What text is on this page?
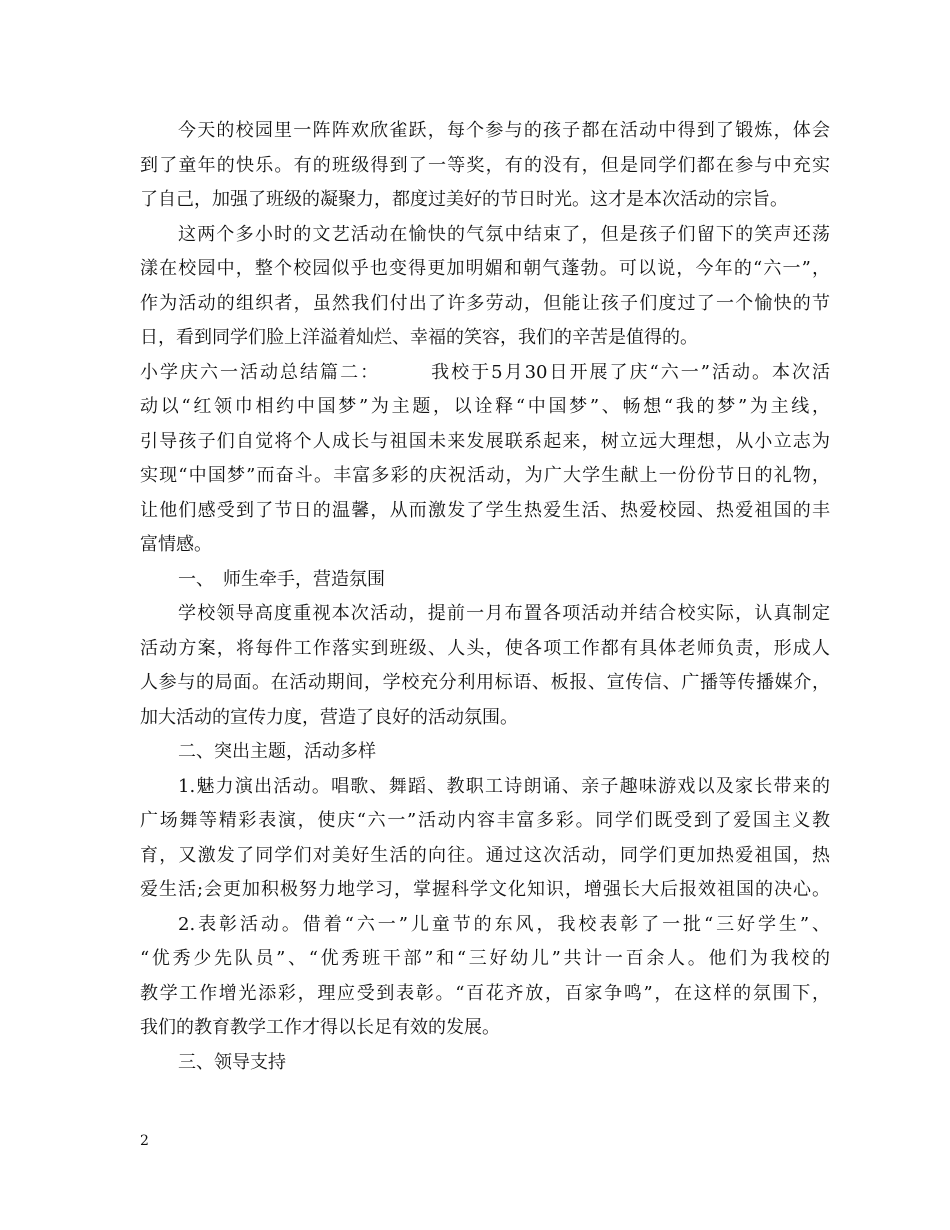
今天的校园里一阵阵欢欣雀跃，每个参与的孩子都在活动中得到了锻炼，体会
到了童年的快乐。有的班级得到了一等奖，有的没有，但是同学们都在参与中充实
了自己，加强了班级的凝聚力，都度过美好的节日时光。这才是本次活动的宗旨。
这两个多小时的文艺活动在愉快的气氛中结束了，但是孩子们留下的笑声还荡
漾在校园中，整个校园似乎也变得更加明媚和朝气蓬勃。可以说，今年的“六一”，
作为活动的组织者，虽然我们付出了许多劳动，但能让孩子们度过了一个愉快的节
日，看到同学们脸上洋溢着灿烂、幸福的笑容，我们的辛苦是值得的。
小学庆六一活动总结篇二：　　　我校于5月30日开展了庆“六一”活动。本次活
动以“红领巾相约中国梦”为主题，以诠释“中国梦”、畅想“我的梦”为主线，
引导孩子们自觉将个人成长与祖国未来发展联系起来，树立远大理想，从小立志为
实现“中国梦”而奋斗。丰富多彩的庆祝活动，为广大学生献上一份份节日的礼物，
让他们感受到了节日的温馨，从而激发了学生热爱生活、热爱校园、热爱祖国的丰
富情感。
一、　师生牵手，营造氛围
学校领导高度重视本次活动，提前一月布置各项活动并结合校实际，认真制定
活动方案，将每件工作落实到班级、人头，使各项工作都有具体老师负责，形成人
人参与的局面。在活动期间，学校充分利用标语、板报、宣传信、广播等传播媒介，
加大活动的宣传力度，营造了良好的活动氛围。
二、突出主题，活动多样
1.魅力演出活动。唱歌、舞蹈、教职工诗朗诵、亲子趣味游戏以及家长带来的
广场舞等精彩表演，使庆“六一”活动内容丰富多彩。同学们既受到了爱国主义教
育，又激发了同学们对美好生活的向往。通过这次活动，同学们更加热爱祖国，热
爱生活;会更加积极努力地学习，掌握科学文化知识，增强长大后报效祖国的决心。
2.表彰活动。借着“六一”儿童节的东风，我校表彰了一批“三好学生”、
“优秀少先队员”、“优秀班干部”和“三好幼儿”共计一百余人。他们为我校的
教学工作增光添彩，理应受到表彰。“百花齐放，百家争鸣”，在这样的氛围下，
我们的教育教学工作才得以长足有效的发展。
三、领导支持
2
